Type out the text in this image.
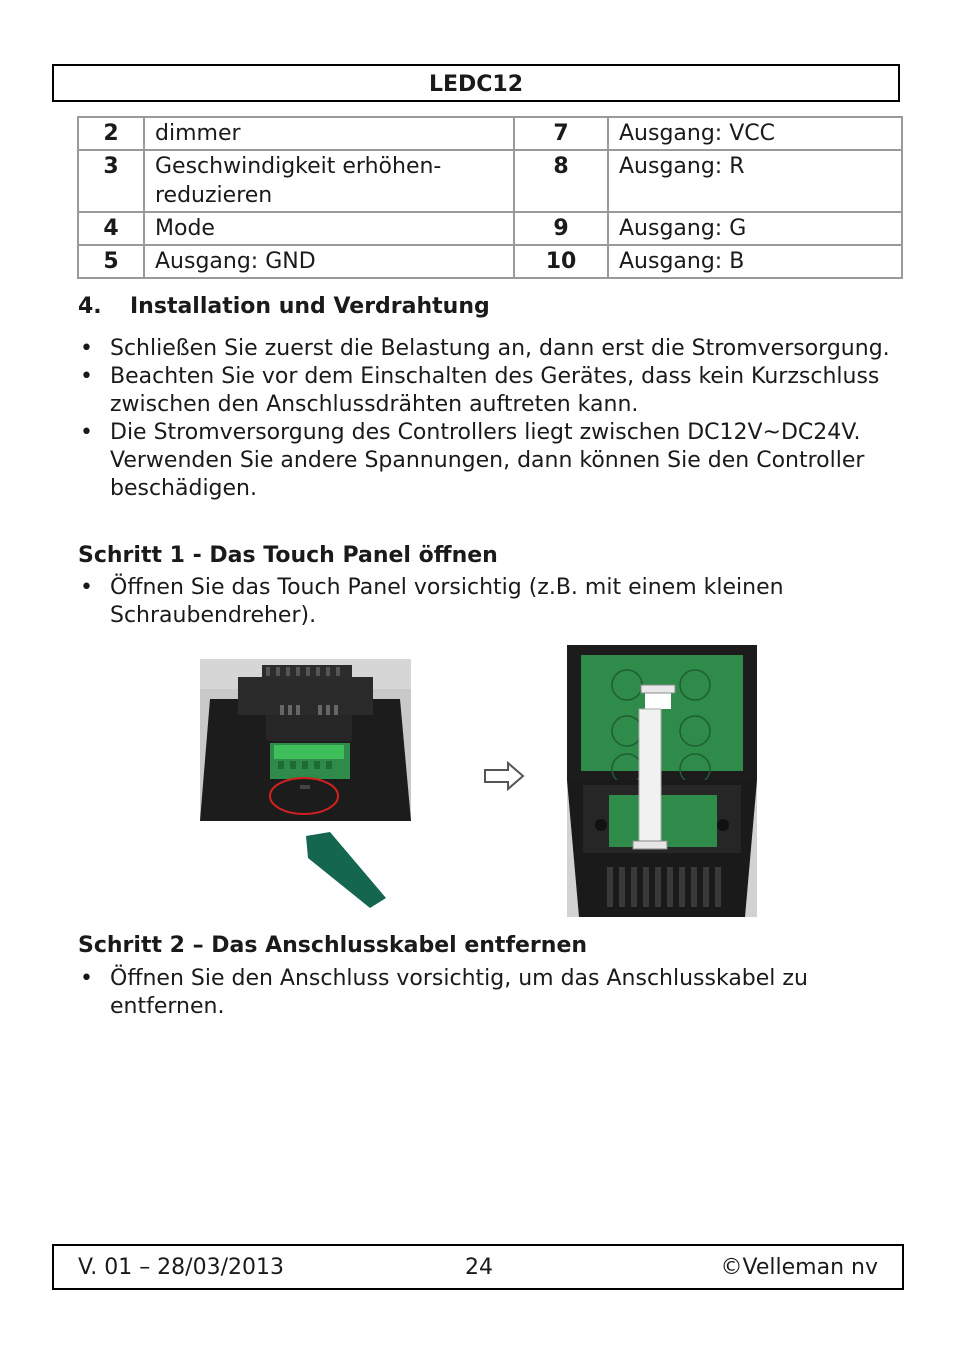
LEDC12
2	dimmer	7	Ausgang: VCC
3	Geschwindigkeit erhöhen-reduzieren	8	Ausgang: R
4	Mode	9	Ausgang: G
5	Ausgang: GND	10	Ausgang: B
4. Installation und Verdrahtung
• Schließen Sie zuerst die Belastung an, dann erst die Stromversorgung.
• Beachten Sie vor dem Einschalten des Gerätes, dass kein Kurzschluss zwischen den Anschlussdrähten auftreten kann.
• Die Stromversorgung des Controllers liegt zwischen DC12V~DC24V. Verwenden Sie andere Spannungen, dann können Sie den Controller beschädigen.
Schritt 1 - Das Touch Panel öffnen
• Öffnen Sie das Touch Panel vorsichtig (z.B. mit einem kleinen Schraubendreher).
Schritt 2 – Das Anschlusskabel entfernen
• Öffnen Sie den Anschluss vorsichtig, um das Anschlusskabel zu entfernen.
V. 01 – 28/03/2013	24	©Velleman nv
